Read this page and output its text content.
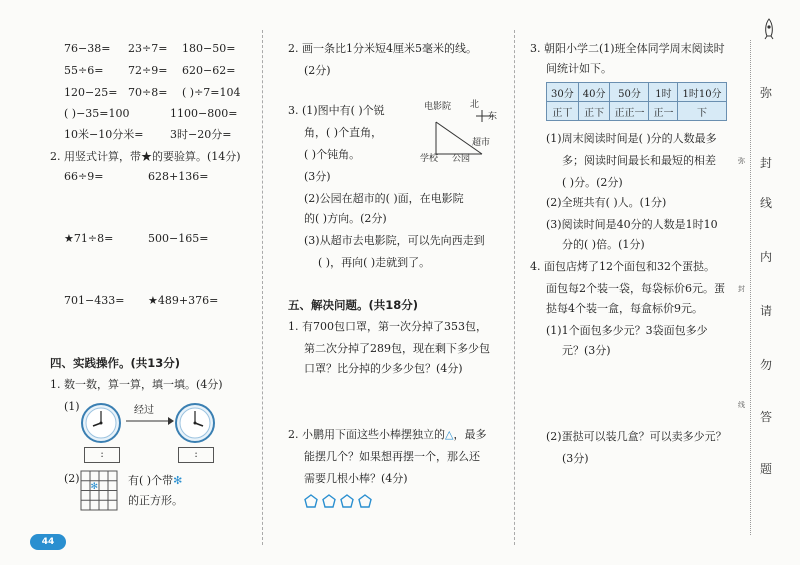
76−38= 23÷7= 180−50=
55÷6= 72÷9= 620−62=
120−25= 70÷8= ( )÷7=104
( )−35=100	1100−800=
10米−10分米= 3时−20分=
2. 用竖式计算，带★的要验算。(14分)
66÷9=	628+136=
★71÷8=	500−165=
701−433= ★489+376=
四、实践操作。(共13分)
1. 数一数，算一算，填一填。(4分)
(1)	经过
:	:
(2)
✻	有( )个带✻
的正方形。
44
2. 画一条比1分米短4厘米5毫米的线。
(2分)
3. (1)图中有( )个锐
角，( )个直角，
( )个钝角。
(3分)
电影院 北
东
超市
学校 公园
(2)公园在超市的( )面，在电影院
的( )方向。(2分)
(3)从超市去电影院，可以先向西走到
( )，再向( )走就到了。
五、解决问题。(共18分)
1. 有700包口罩，第一次分掉了353包，
第二次分掉了289包，现在剩下多少包
口罩？比分掉的少多少包？(4分)
2. 小鹏用下面这些小棒摆独立的△，最多
能摆几个？如果想再摆一个，那么还
需要几根小棒？(4分)
3. 朝阳小学二(1)班全体同学周末阅读时
间统计如下。
30分	40分	50分	1时	1时10分
正丅	正下	正正一	正一	下
(1)周末阅读时间是( )分的人数最多
多；阅读时间最长和最短的相差
( )分。(2分)
(2)全班共有( )人。(1分)
(3)阅读时间是40分的人数是1时10
分的( )倍。(1分)
4. 面包店烤了12个面包和32个蛋挞。
面包每2个装一袋，每袋标价6元。蛋
挞每4个装一盒，每盒标价9元。
(1)1个面包多少元？3袋面包多少
元？(3分)
(2)蛋挞可以装几盒？可以卖多少元？
(3分)
弥
封
线
内
请
勿
答
题
弥
封
线
